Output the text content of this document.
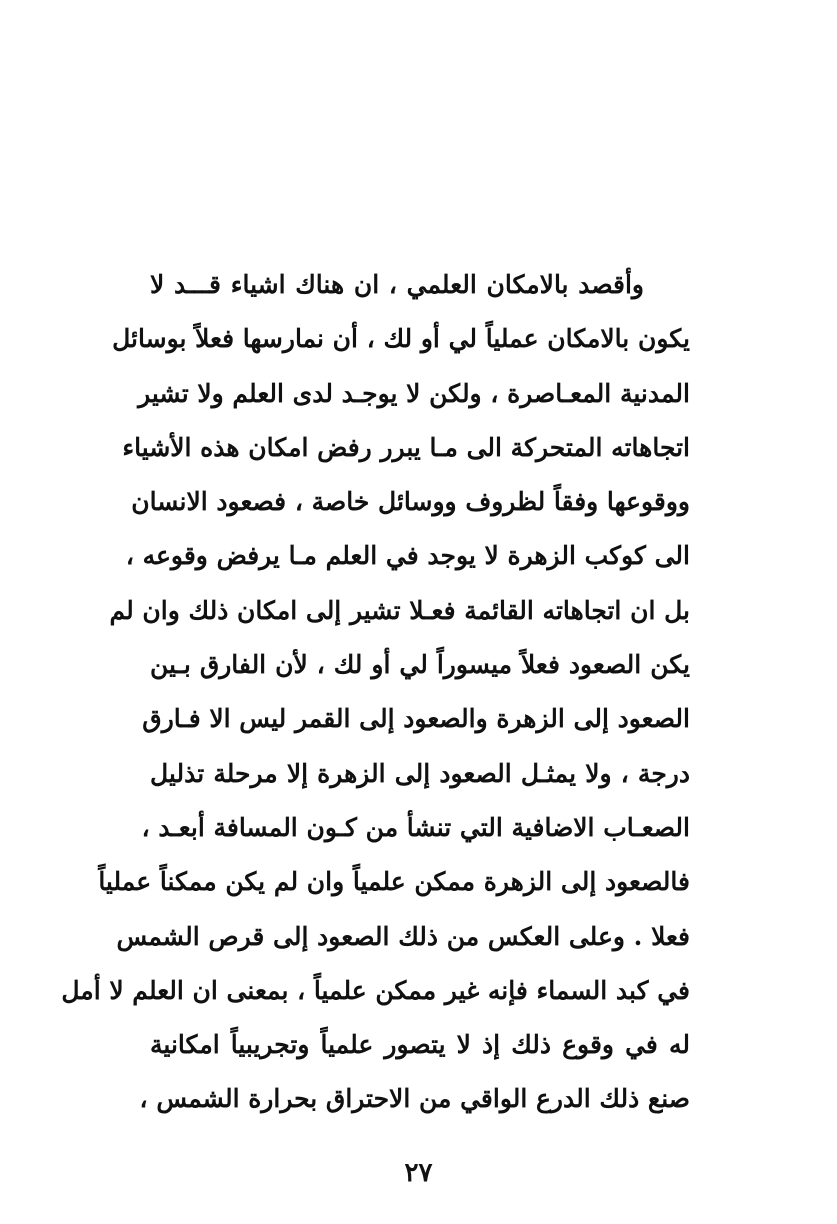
وأقصد بالامكان العلمي ، ان هناك اشياء قـــد لا
يكون بالامكان عملياً لي أو لك ، أن نمارسها فعلاً بوسائل
المدنية المعـاصرة ، ولكن لا يوجـد لدى العلم ولا تشير
اتجاهاته المتحركة الى مـا يبرر رفض امكان هذه الأشياء
ووقوعها وفقاً لظروف ووسائل خاصة ، فصعود الانسان
الى كوكب الزهرة لا يوجد في العلم مـا يرفض وقوعه ،
بل ان اتجاهاته القائمة فعـلا تشير إلى امكان ذلك وان لم
يكن الصعود فعلاً ميسوراً لي أو لك ، لأن الفارق بـين
الصعود إلى الزهرة والصعود إلى القمر ليس الا فـارق
درجة ، ولا يمثـل الصعود إلى الزهرة إلا مرحلة تذليل
الصعـاب الاضافية التي تنشأ من كـون المسافة أبعـد ،
فالصعود إلى الزهرة ممكن علمياً وان لم يكن ممكناً عملياً
فعلا . وعلى العكس من ذلك الصعود إلى قرص الشمس
في كبد السماء فإنه غير ممكن علمياً ، بمعنى ان العلم لا أمل
له في وقوع ذلك إذ لا يتصور علمياً وتجريبياً امكانية
صنع ذلك الدرع الواقي من الاحتراق بحرارة الشمس ،
٢٧
